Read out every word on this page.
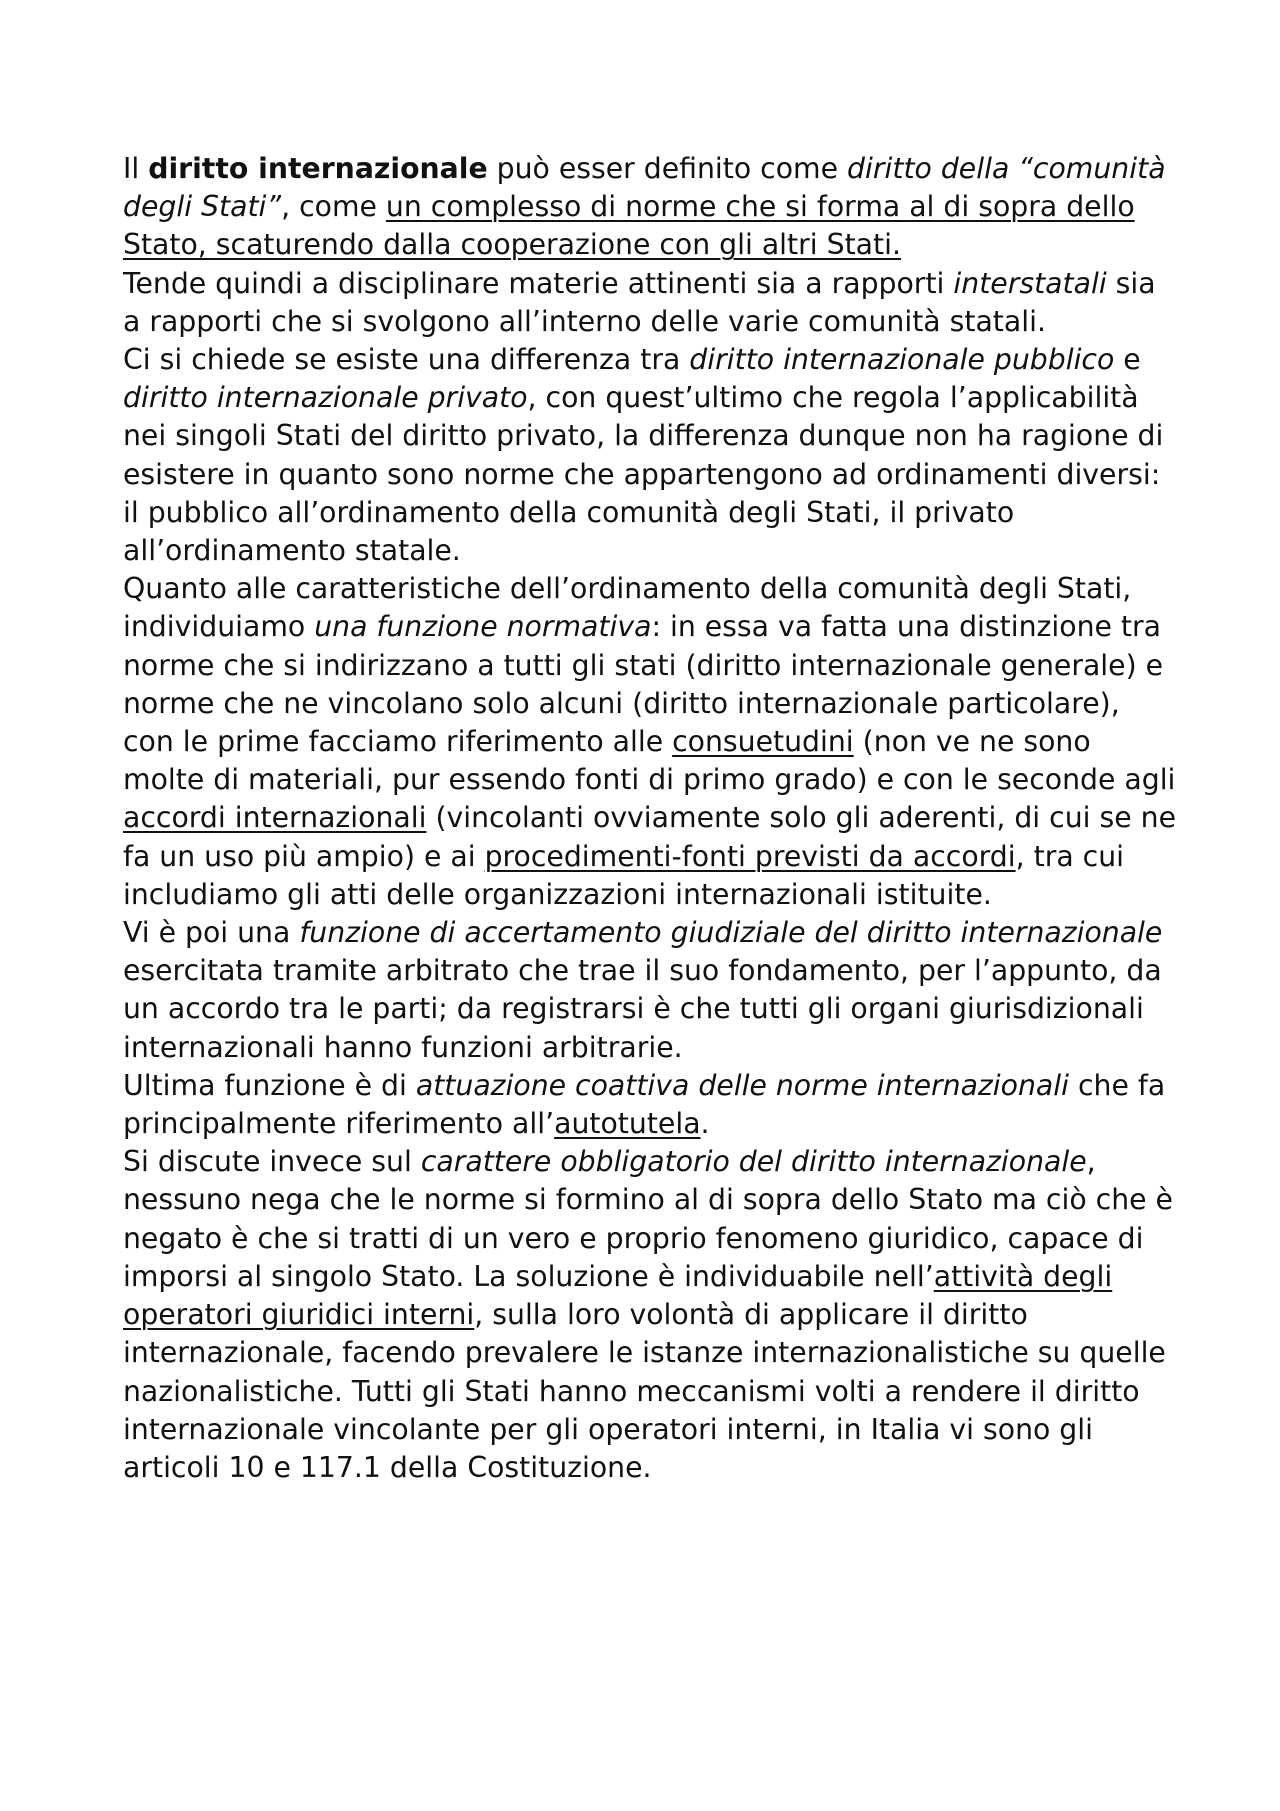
Il diritto internazionale può esser definito come diritto della “comunità degli Stati”, come un complesso di norme che si forma al di sopra dello Stato, scaturendo dalla cooperazione con gli altri Stati.

Tende quindi a disciplinare materie attinenti sia a rapporti interstatali sia a rapporti che si svolgono all’interno delle varie comunità statali.

Ci si chiede se esiste una differenza tra diritto internazionale pubblico e diritto internazionale privato, con quest’ultimo che regola l’applicabilità nei singoli Stati del diritto privato, la differenza dunque non ha ragione di esistere in quanto sono norme che appartengono ad ordinamenti diversi: il pubblico all’ordinamento della comunità degli Stati, il privato all’ordinamento statale.

Quanto alle caratteristiche dell’ordinamento della comunità degli Stati, individuiamo una funzione normativa: in essa va fatta una distinzione tra norme che si indirizzano a tutti gli stati (diritto internazionale generale) e norme che ne vincolano solo alcuni (diritto internazionale particolare), con le prime facciamo riferimento alle consuetudini (non ve ne sono molte di materiali, pur essendo fonti di primo grado) e con le seconde agli accordi internazionali (vincolanti ovviamente solo gli aderenti, di cui se ne fa un uso più ampio) e ai procedimenti-fonti previsti da accordi, tra cui includiamo gli atti delle organizzazioni internazionali istituite.

Vi è poi una funzione di accertamento giudiziale del diritto internazionale esercitata tramite arbitrato che trae il suo fondamento, per l’appunto, da un accordo tra le parti; da registrarsi è che tutti gli organi giurisdizionali internazionali hanno funzioni arbitrarie.

Ultima funzione è di attuazione coattiva delle norme internazionali che fa principalmente riferimento all’autotutela.

Si discute invece sul carattere obbligatorio del diritto internazionale, nessuno nega che le norme si formino al di sopra dello Stato ma ciò che è negato è che si tratti di un vero e proprio fenomeno giuridico, capace di imporsi al singolo Stato. La soluzione è individuabile nell’attività degli operatori giuridici interni, sulla loro volontà di applicare il diritto internazionale, facendo prevalere le istanze internazionalistiche su quelle nazionalistiche. Tutti gli Stati hanno meccanismi volti a rendere il diritto internazionale vincolante per gli operatori interni, in Italia vi sono gli articoli 10 e 117.1 della Costituzione.
